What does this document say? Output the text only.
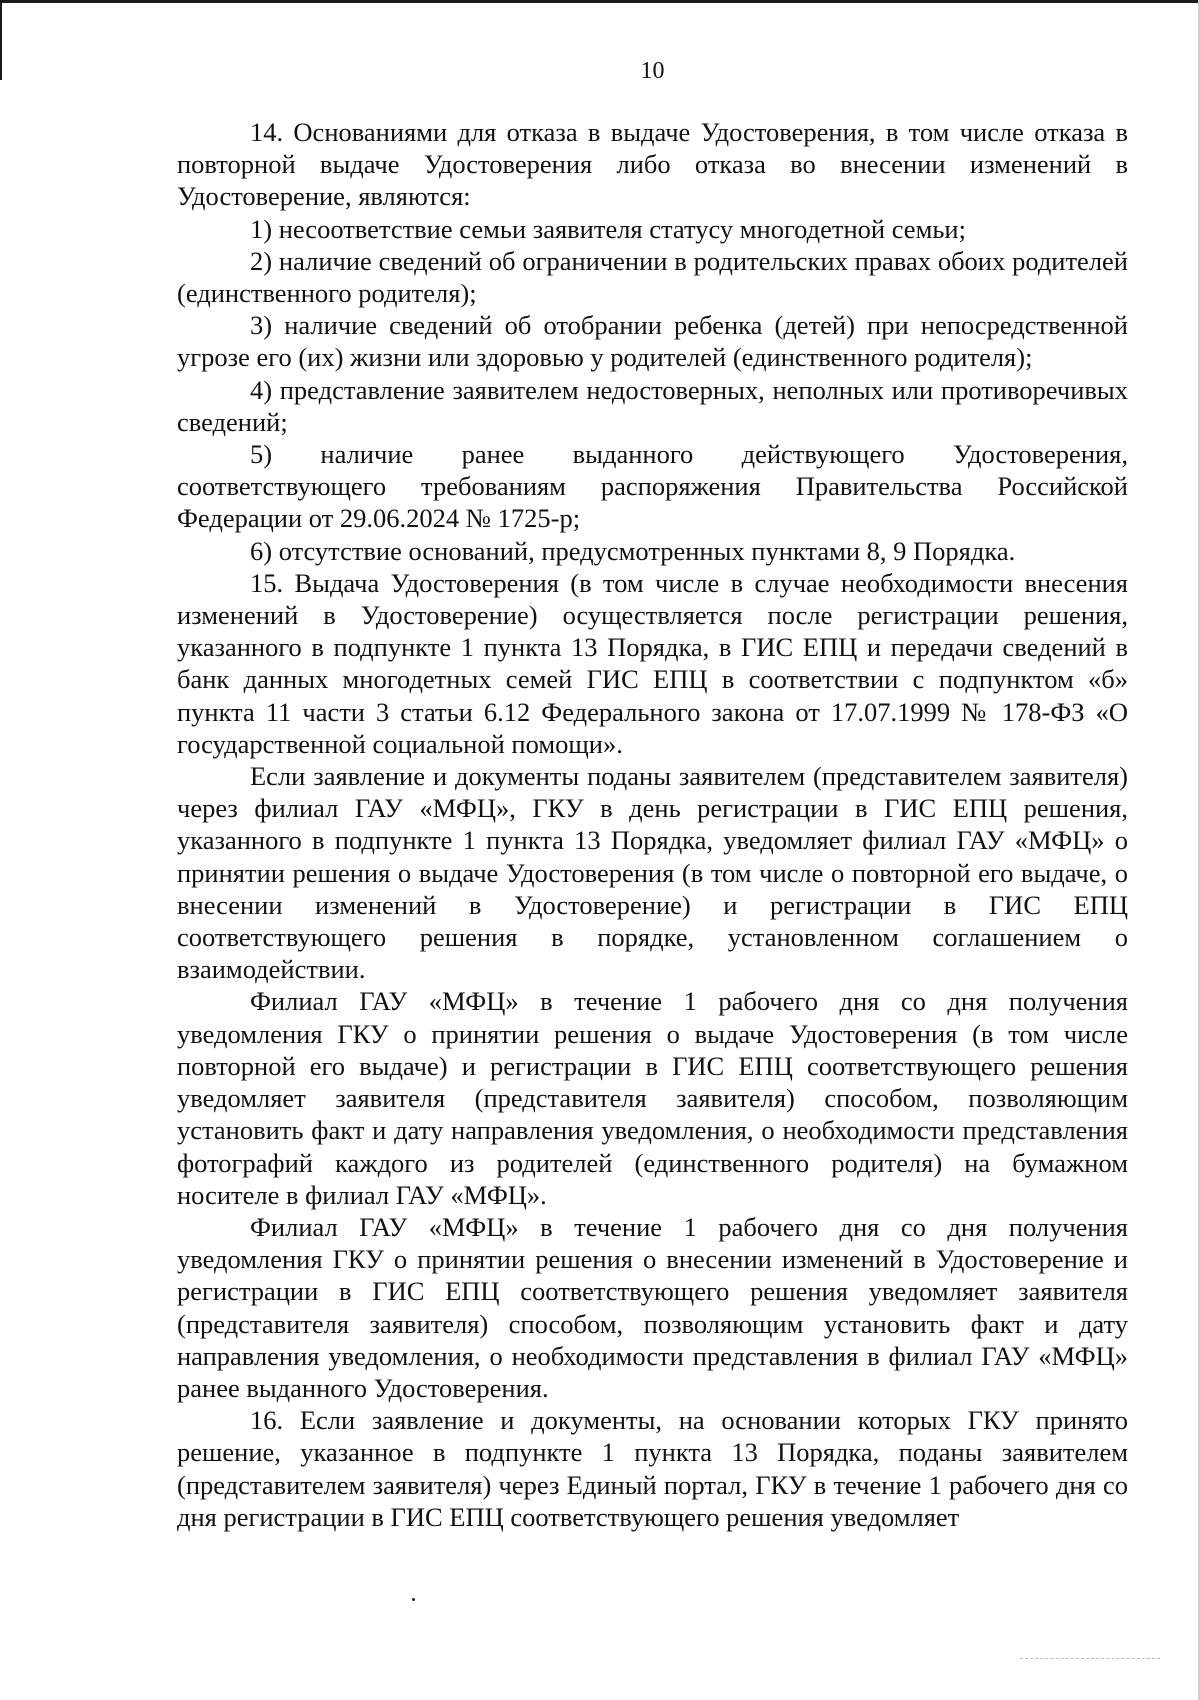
10

14. Основаниями для отказа в выдаче Удостоверения, в том числе отказа в повторной выдаче Удостоверения либо отказа во внесении изменений в Удостоверение, являются:

1) несоответствие семьи заявителя статусу многодетной семьи;

2) наличие сведений об ограничении в родительских правах обоих родителей (единственного родителя);

3) наличие сведений об отобрании ребенка (детей) при непосредственной угрозе его (их) жизни или здоровью у родителей (единственного родителя);

4) представление заявителем недостоверных, неполных или противоречивых сведений;

5) наличие ранее выданного действующего Удостоверения, соответствующего требованиям распоряжения Правительства Российской Федерации от 29.06.2024 № 1725-р;

6) отсутствие оснований, предусмотренных пунктами 8, 9 Порядка.

15. Выдача Удостоверения (в том числе в случае необходимости внесения изменений в Удостоверение) осуществляется после регистрации решения, указанного в подпункте 1 пункта 13 Порядка, в ГИС ЕПЦ и передачи сведений в банк данных многодетных семей ГИС ЕПЦ в соответствии с подпунктом «б» пункта 11 части 3 статьи 6.12 Федерального закона от 17.07.1999 № 178-ФЗ «О государственной социальной помощи».

Если заявление и документы поданы заявителем (представителем заявителя) через филиал ГАУ «МФЦ», ГКУ в день регистрации в ГИС ЕПЦ решения, указанного в подпункте 1 пункта 13 Порядка, уведомляет филиал ГАУ «МФЦ» о принятии решения о выдаче Удостоверения (в том числе о повторной его выдаче, о внесении изменений в Удостоверение) и регистрации в ГИС ЕПЦ соответствующего решения в порядке, установленном соглашением о взаимодействии.

Филиал ГАУ «МФЦ» в течение 1 рабочего дня со дня получения уведомления ГКУ о принятии решения о выдаче Удостоверения (в том числе повторной его выдаче) и регистрации в ГИС ЕПЦ соответствующего решения уведомляет заявителя (представителя заявителя) способом, позволяющим установить факт и дату направления уведомления, о необходимости представления фотографий каждого из родителей (единственного родителя) на бумажном носителе в филиал ГАУ «МФЦ».

Филиал ГАУ «МФЦ» в течение 1 рабочего дня со дня получения уведомления ГКУ о принятии решения о внесении изменений в Удостоверение и регистрации в ГИС ЕПЦ соответствующего решения уведомляет заявителя (представителя заявителя) способом, позволяющим установить факт и дату направления уведомления, о необходимости представления в филиал ГАУ «МФЦ» ранее выданного Удостоверения.

16. Если заявление и документы, на основании которых ГКУ принято решение, указанное в подпункте 1 пункта 13 Порядка, поданы заявителем (представителем заявителя) через Единый портал, ГКУ в течение 1 рабочего дня со дня регистрации в ГИС ЕПЦ соответствующего решения уведомляет
